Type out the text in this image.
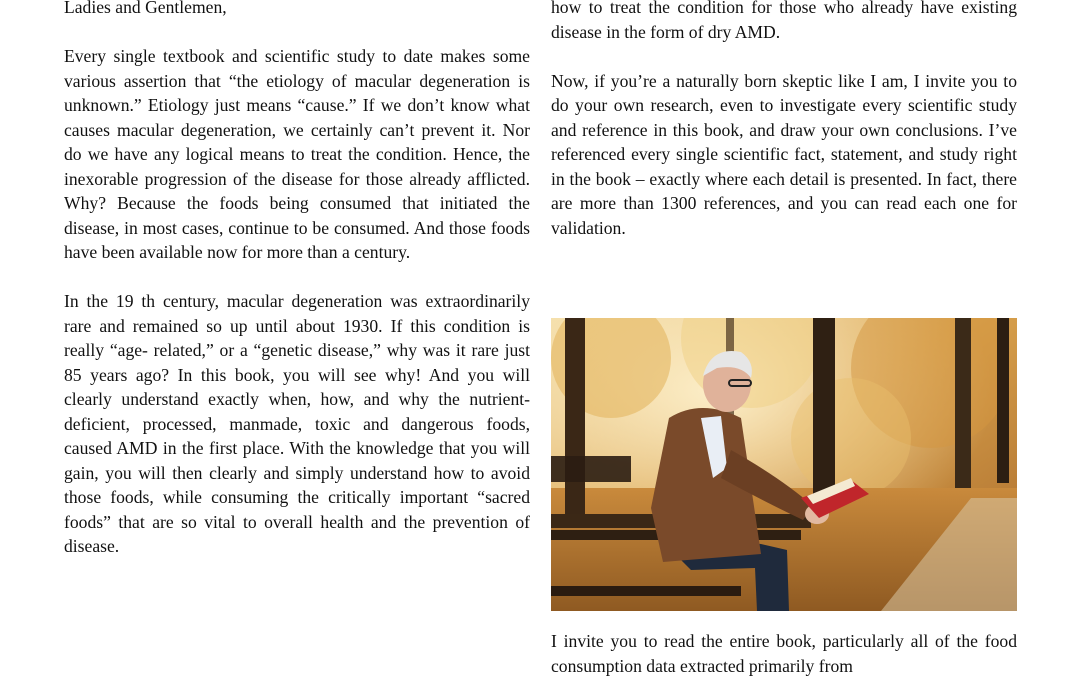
Ladies and Gentlemen,

Every single textbook and scientific study to date makes some various assertion that “the etiology of macular degeneration is unknown.” Etiology just means “cause.” If we don’t know what causes macular degeneration, we certainly can’t prevent it. Nor do we have any logical means to treat the condition. Hence, the inexorable progression of the disease for those already afflicted. Why? Because the foods being consumed that initiated the disease, in most cases, continue to be consumed. And those foods have been available now for more than a century.

In the 19 th century, macular degeneration was extraordinarily rare and remained so up until about 1930. If this condition is really “age- related,” or a “genetic disease,” why was it rare just 85 years ago? In this book, you will see why! And you will clearly understand exactly when, how, and why the nutrient-deficient, processed, manmade, toxic and dangerous foods, caused AMD in the first place. With the knowledge that you will gain, you will then clearly and simply understand how to avoid those foods, while consuming the critically important “sacred foods” that are so vital to overall health and the prevention of disease.

how to treat the condition for those who already have existing disease in the form of dry AMD.

Now, if you’re a naturally born skeptic like I am, I invite you to do your own research, even to investigate every scientific study and reference in this book, and draw your own conclusions. I’ve referenced every single scientific fact, statement, and study right in the book – exactly where each detail is presented. In fact, there are more than 1300 references, and you can read each one for validation.

I invite you to read the entire book, particularly all of the food consumption data extracted primarily from
